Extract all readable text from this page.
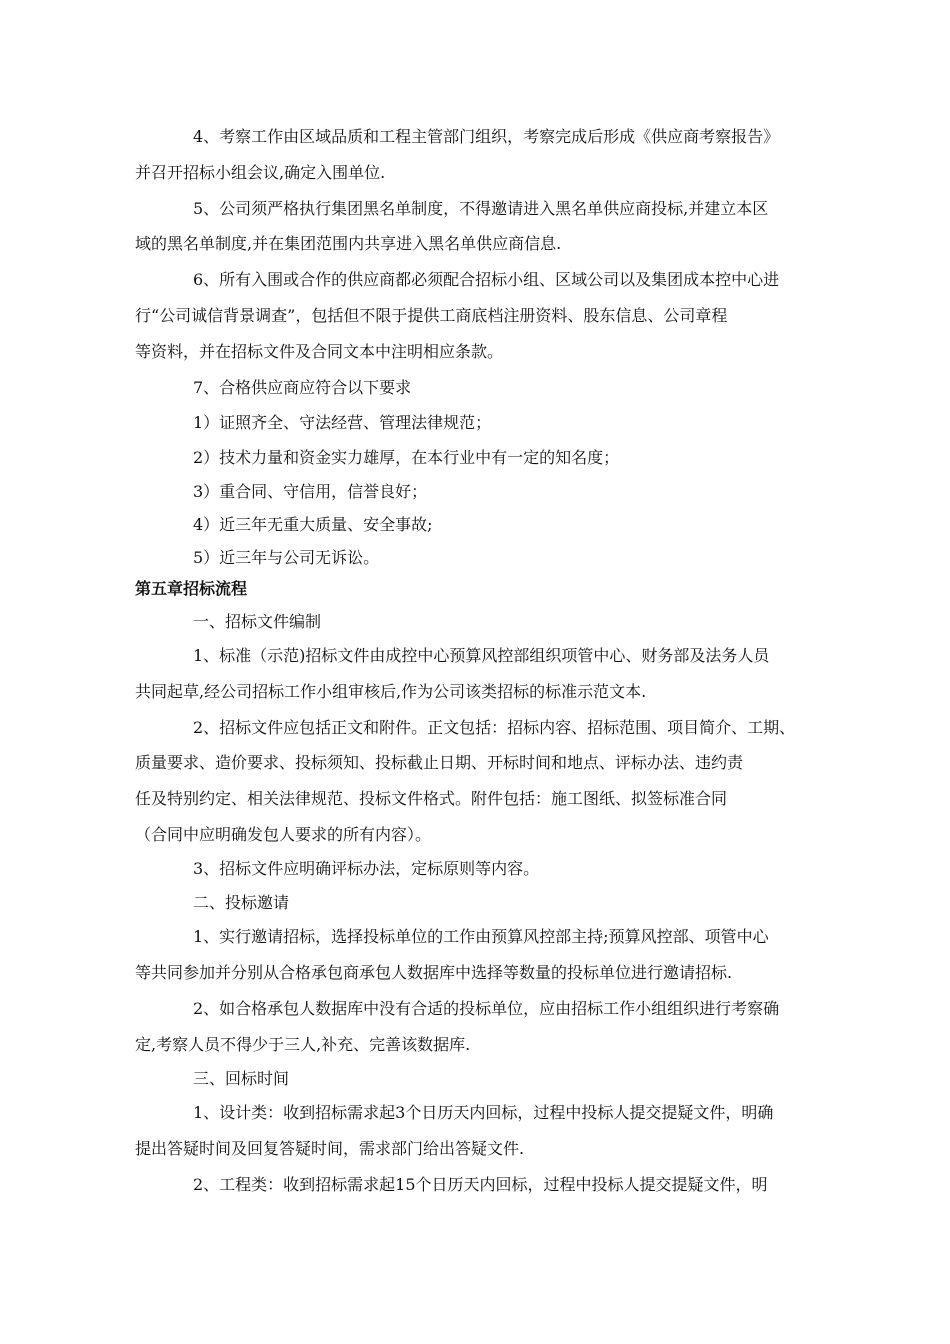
4、考察工作由区域品质和工程主管部门组织，考察完成后形成《供应商考察报告》
并召开招标小组会议,确定入围单位.
5、公司须严格执行集团黑名单制度，不得邀请进入黑名单供应商投标,并建立本区
域的黑名单制度,并在集团范围内共享进入黑名单供应商信息.
6、所有入围或合作的供应商都必须配合招标小组、区域公司以及集团成本控中心进
行“公司诚信背景调查”，包括但不限于提供工商底档注册资料、股东信息、公司章程
等资料，并在招标文件及合同文本中注明相应条款。
7、合格供应商应符合以下要求
1）证照齐全、守法经营、管理法律规范；
2）技术力量和资金实力雄厚，在本行业中有一定的知名度；
3）重合同、守信用，信誉良好；
4）近三年无重大质量、安全事故;
5）近三年与公司无诉讼。
第五章招标流程
一、招标文件编制
1、标准（示范)招标文件由成控中心预算风控部组织项管中心、财务部及法务人员
共同起草,经公司招标工作小组审核后,作为公司该类招标的标准示范文本.
2、招标文件应包括正文和附件。正文包括：招标内容、招标范围、项目简介、工期、
质量要求、造价要求、投标须知、投标截止日期、开标时间和地点、评标办法、违约责
任及特别约定、相关法律规范、投标文件格式。附件包括：施工图纸、拟签标准合同
（合同中应明确发包人要求的所有内容）。
3、招标文件应明确评标办法，定标原则等内容。
二、投标邀请
1、实行邀请招标，选择投标单位的工作由预算风控部主持;预算风控部、项管中心
等共同参加并分别从合格承包商承包人数据库中选择等数量的投标单位进行邀请招标.
2、如合格承包人数据库中没有合适的投标单位，应由招标工作小组组织进行考察确
定,考察人员不得少于三人,补充、完善该数据库.
三、回标时间
1、设计类：收到招标需求起3个日历天内回标，过程中投标人提交提疑文件，明确
提出答疑时间及回复答疑时间，需求部门给出答疑文件.
2、工程类：收到招标需求起15个日历天内回标，过程中投标人提交提疑文件，明
